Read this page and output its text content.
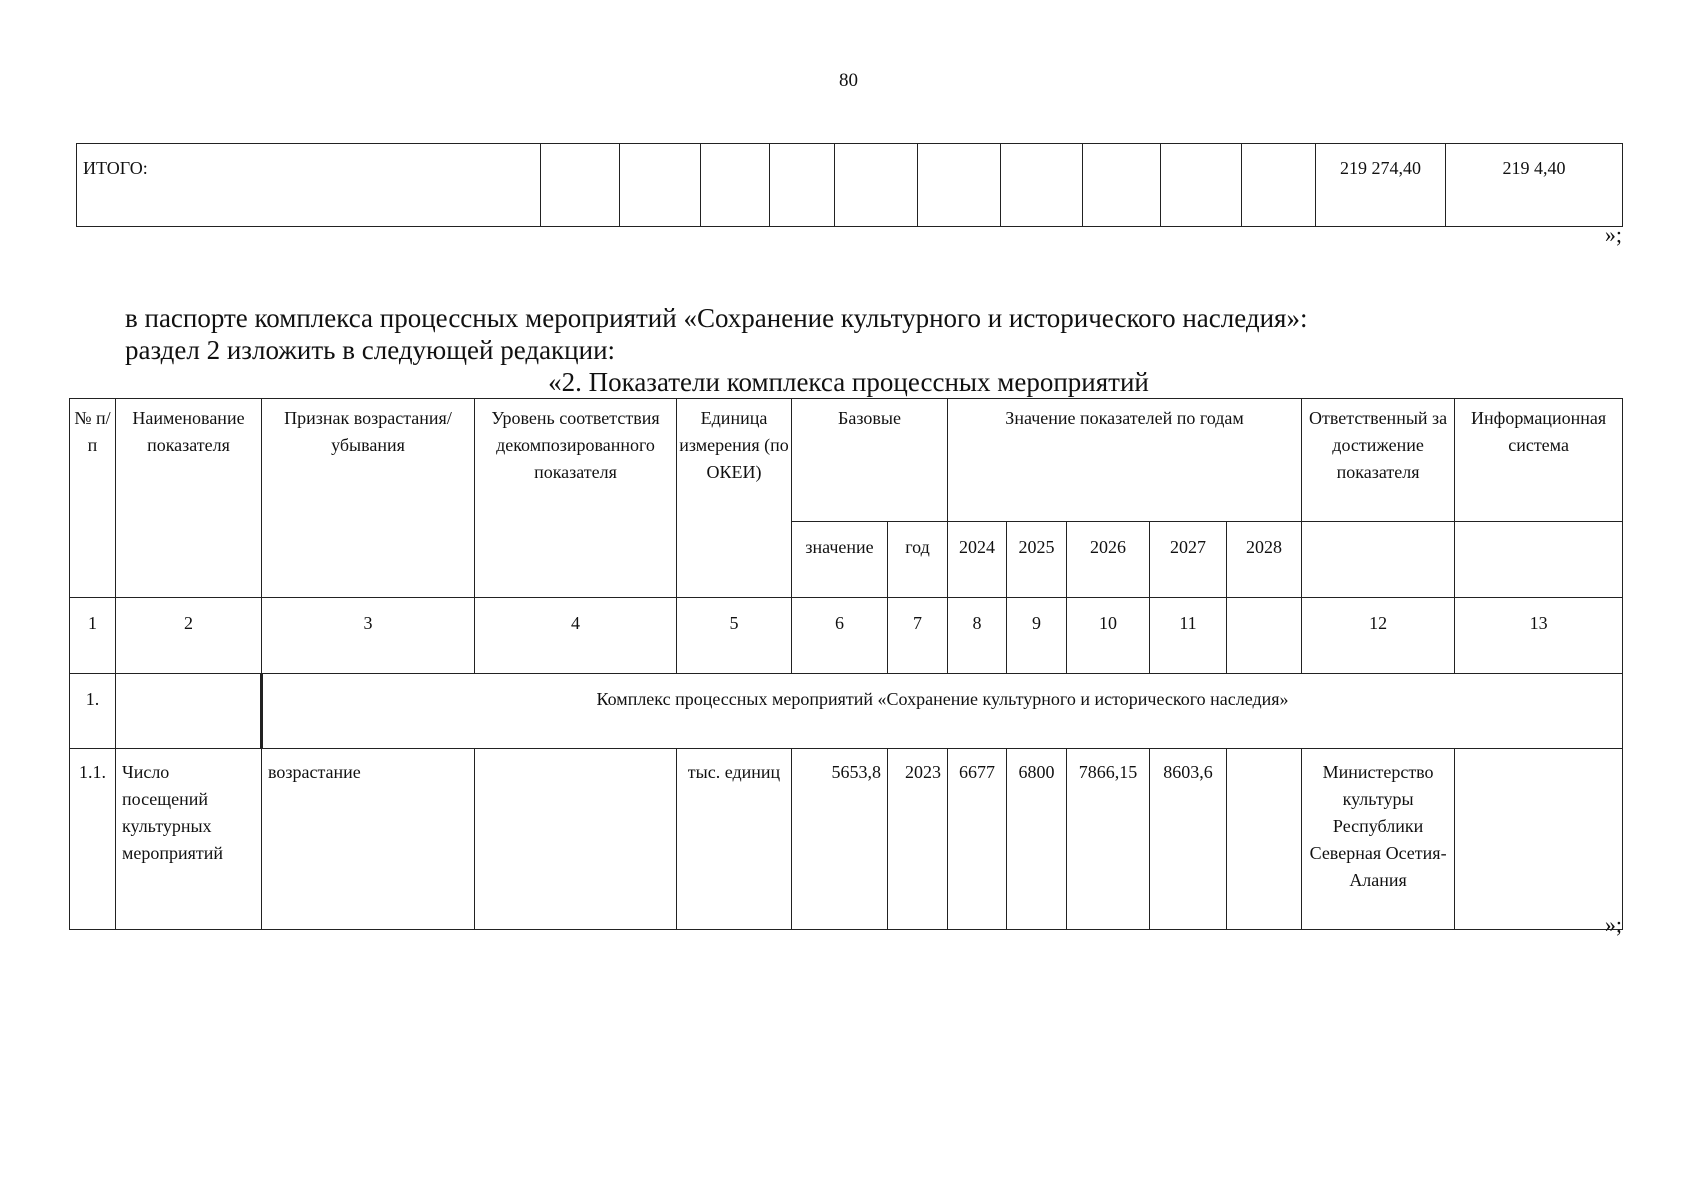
80
ИТОГО:											219 274,40	219 4,40
»;
в паспорте комплекса процессных мероприятий «Сохранение культурного и исторического наследия»:
раздел 2 изложить в следующей редакции:
«2. Показатели комплекса процессных мероприятий
№ п/п	Наименование показателя	Признак возрастания/убывания	Уровень соответствия декомпозированного показателя	Единица измерения (по ОКЕИ)	Базовые		Значение показателей по годам					Ответственный за достижение показателя	Информационная система
					значение	год	2024	2025	2026	2027	2028		
1	2	3	4	5	6	7	8	9	10	11		12	13
1.		Комплекс процессных мероприятий «Сохранение культурного и исторического наследия»											
1.1.	Число посещений культурных мероприятий	возрастание		тыс. единиц	5653,8	2023	6677	6800	7866,15	8603,6		Министерство культуры Республики Северная Осетия-Алания	
»;
